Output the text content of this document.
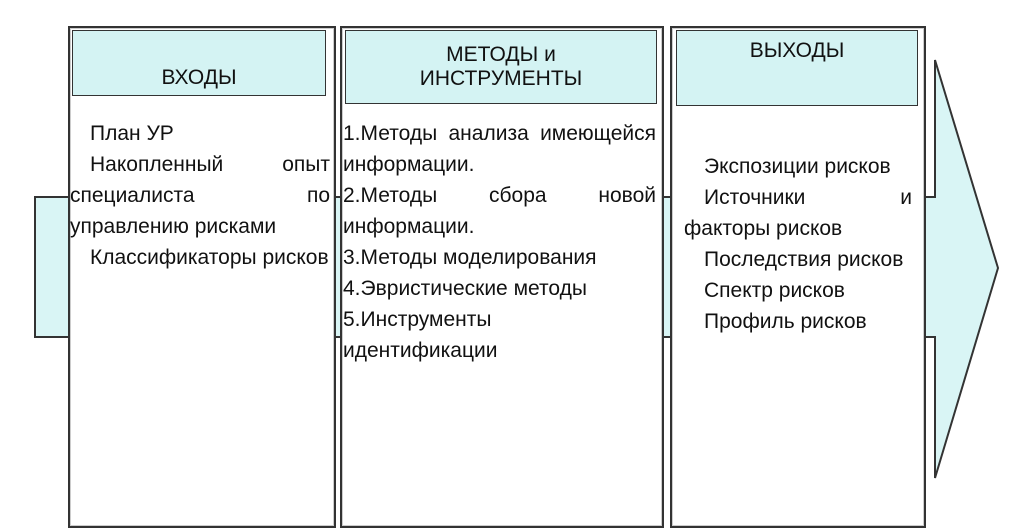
ВХОДЫ

План УР

Накопленный опыт специалиста по управлению рисками

Классификаторы рисков

МЕТОДЫ и
ИНСТРУМЕНТЫ

1.Методы анализа имеющейся информации.

2.Методы сбора новой информации.

3.Методы моделирования

4.Эвристические методы

5.Инструменты идентификации

ВЫХОДЫ

Экспозиции рисков

Источники и факторы рисков

Последствия рисков

Спектр рисков

Профиль рисков
